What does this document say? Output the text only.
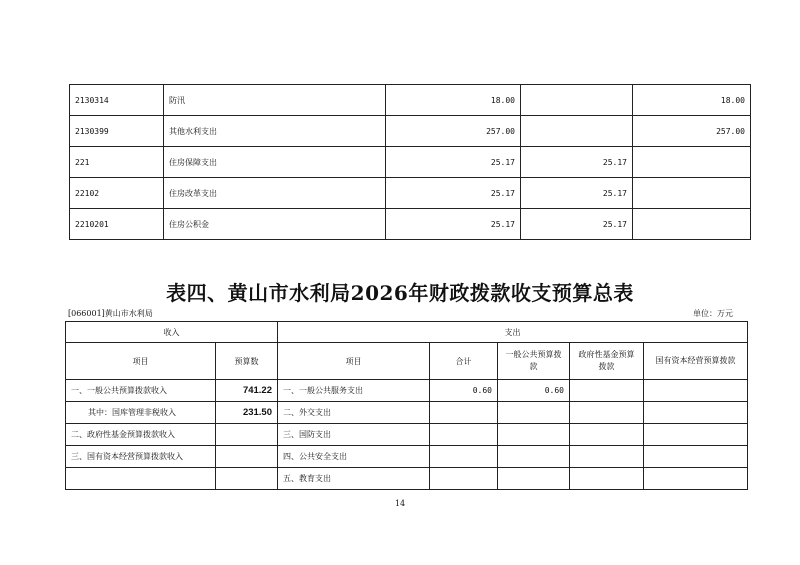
2130314	防汛	18.00		18.00
2130399	其他水利支出	257.00		257.00
221	住房保障支出	25.17	25.17	
22102	住房改革支出	25.17	25.17	
2210201	住房公积金	25.17	25.17	
表四、黄山市水利局2026年财政拨款收支预算总表
[066001]黄山市水利局	单位：万元
收入		支出				
项目	预算数	项目	合计	一般公共预算拨款	政府性基金预算拨款	国有资本经营预算拨款
一、一般公共预算拨款收入	741.22	一、一般公共服务支出	0.60	0.60		
其中：国库管理非税收入	231.50	二、外交支出				
二、政府性基金预算拨款收入		三、国防支出				
三、国有资本经营预算拨款收入		四、公共安全支出				
		五、教育支出				
14
